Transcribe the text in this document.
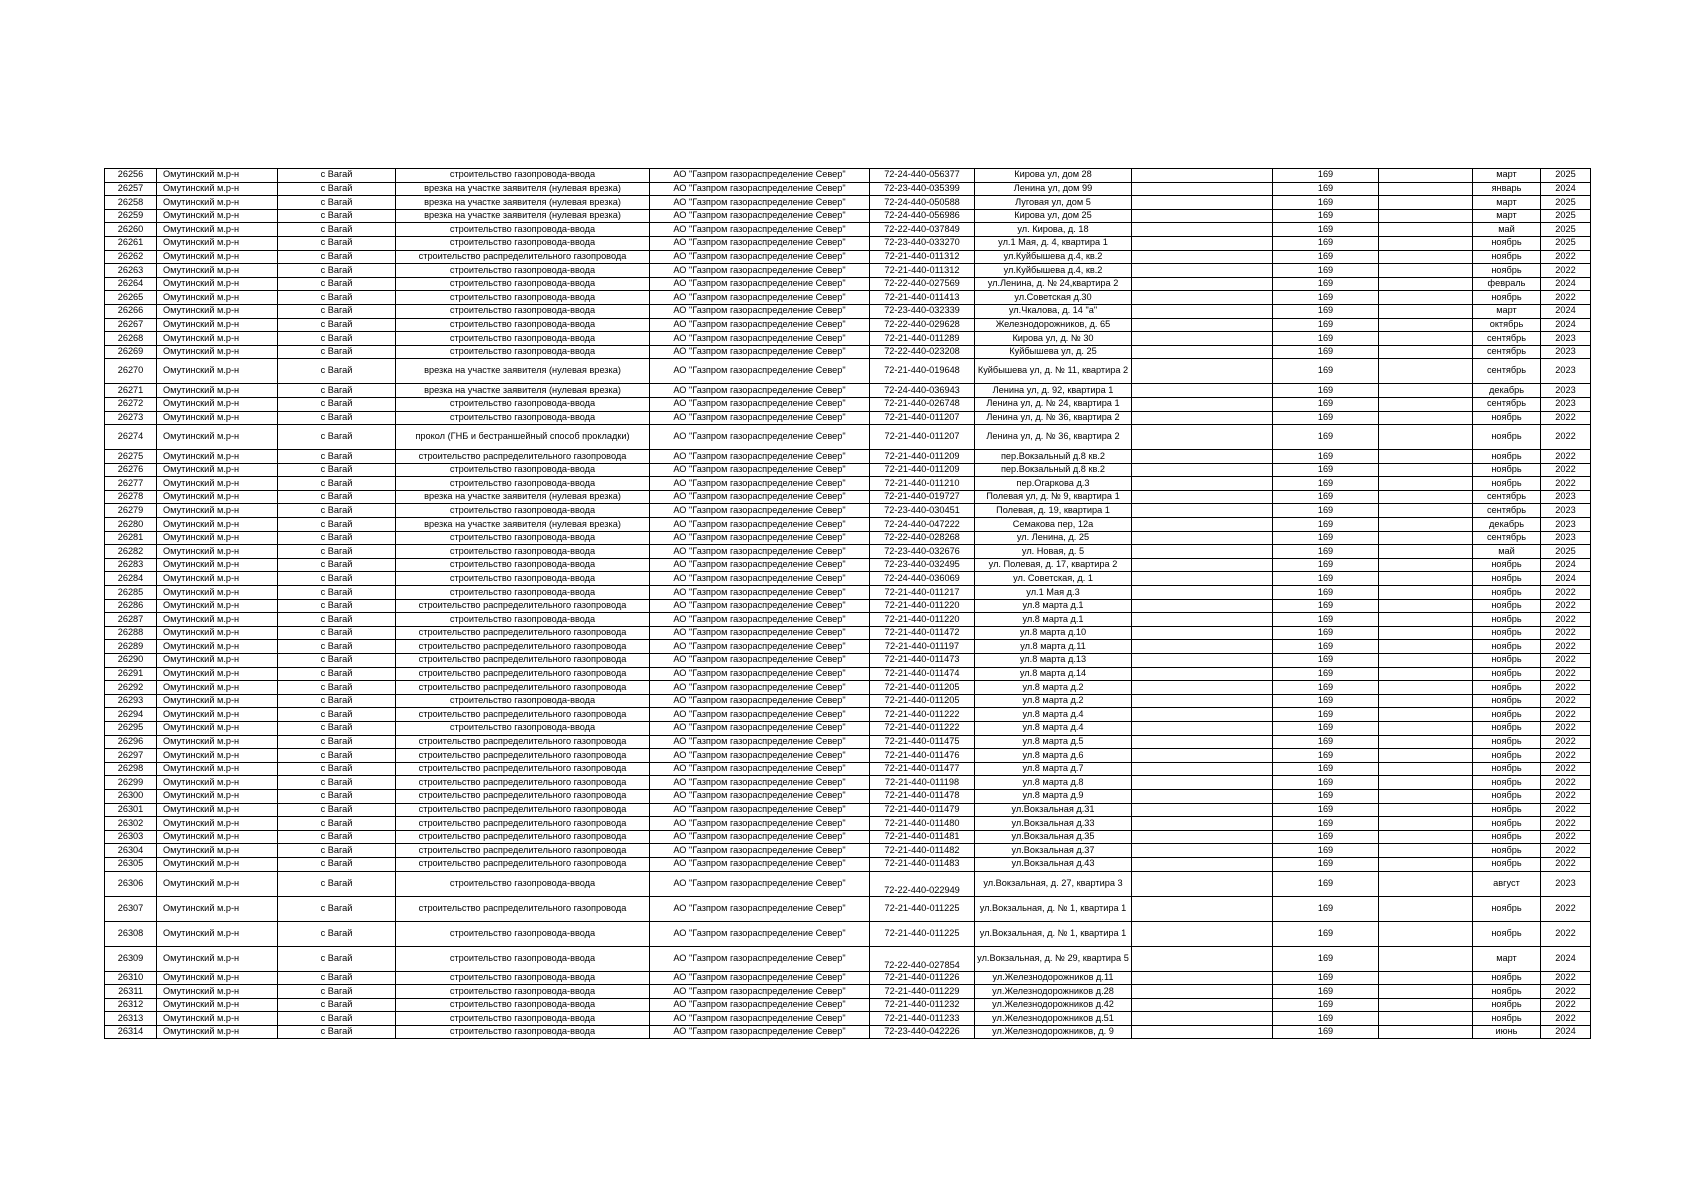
26256	Омутинский м.р-н	с Вагай	строительство газопровода-ввода	АО "Газпром газораспределение Север"	72-24-440-056377	Кирова ул, дом 28		169		март	2025
26257	Омутинский м.р-н	с Вагай	врезка на участке заявителя (нулевая врезка)	АО "Газпром газораспределение Север"	72-23-440-035399	Ленина ул, дом 99		169		январь	2024
26258	Омутинский м.р-н	с Вагай	врезка на участке заявителя (нулевая врезка)	АО "Газпром газораспределение Север"	72-24-440-050588	Луговая ул, дом 5		169		март	2025
26259	Омутинский м.р-н	с Вагай	врезка на участке заявителя (нулевая врезка)	АО "Газпром газораспределение Север"	72-24-440-056986	Кирова ул, дом 25		169		март	2025
26260	Омутинский м.р-н	с Вагай	строительство газопровода-ввода	АО "Газпром газораспределение Север"	72-22-440-037849	ул. Кирова, д. 18		169		май	2025
26261	Омутинский м.р-н	с Вагай	строительство газопровода-ввода	АО "Газпром газораспределение Север"	72-23-440-033270	ул.1 Мая, д. 4, квартира 1		169		ноябрь	2025
26262	Омутинский м.р-н	с Вагай	строительство распределительного газопровода	АО "Газпром газораспределение Север"	72-21-440-011312	ул.Куйбышева д.4, кв.2		169		ноябрь	2022
26263	Омутинский м.р-н	с Вагай	строительство газопровода-ввода	АО "Газпром газораспределение Север"	72-21-440-011312	ул.Куйбышева д.4, кв.2		169		ноябрь	2022
26264	Омутинский м.р-н	с Вагай	строительство газопровода-ввода	АО "Газпром газораспределение Север"	72-22-440-027569	ул.Ленина, д. № 24,квартира 2		169		февраль	2024
26265	Омутинский м.р-н	с Вагай	строительство газопровода-ввода	АО "Газпром газораспределение Север"	72-21-440-011413	ул.Советская д.30		169		ноябрь	2022
26266	Омутинский м.р-н	с Вагай	строительство газопровода-ввода	АО "Газпром газораспределение Север"	72-23-440-032339	ул.Чкалова, д. 14 "а"		169		март	2024
26267	Омутинский м.р-н	с Вагай	строительство газопровода-ввода	АО "Газпром газораспределение Север"	72-22-440-029628	Железнодорожников, д. 65		169		октябрь	2024
26268	Омутинский м.р-н	с Вагай	строительство газопровода-ввода	АО "Газпром газораспределение Север"	72-21-440-011289	Кирова ул, д. № 30		169		сентябрь	2023
26269	Омутинский м.р-н	с Вагай	строительство газопровода-ввода	АО "Газпром газораспределение Север"	72-22-440-023208	Куйбышева ул, д. 25		169		сентябрь	2023
26270	Омутинский м.р-н	с Вагай	врезка на участке заявителя (нулевая врезка)	АО "Газпром газораспределение Север"	72-21-440-019648	Куйбышева ул, д. № 11, квартира 2		169		сентябрь	2023
26271	Омутинский м.р-н	с Вагай	врезка на участке заявителя (нулевая врезка)	АО "Газпром газораспределение Север"	72-24-440-036943	Ленина ул, д. 92, квартира 1		169		декабрь	2023
26272	Омутинский м.р-н	с Вагай	строительство газопровода-ввода	АО "Газпром газораспределение Север"	72-21-440-026748	Ленина ул, д. № 24, квартира 1		169		сентябрь	2023
26273	Омутинский м.р-н	с Вагай	строительство газопровода-ввода	АО "Газпром газораспределение Север"	72-21-440-011207	Ленина ул, д. № 36, квартира 2		169		ноябрь	2022
26274	Омутинский м.р-н	с Вагай	прокол (ГНБ и бестраншейный способ прокладки)	АО "Газпром газораспределение Север"	72-21-440-011207	Ленина ул, д. № 36, квартира 2		169		ноябрь	2022
26275	Омутинский м.р-н	с Вагай	строительство распределительного газопровода	АО "Газпром газораспределение Север"	72-21-440-011209	пер.Вокзальный д.8 кв.2		169		ноябрь	2022
26276	Омутинский м.р-н	с Вагай	строительство газопровода-ввода	АО "Газпром газораспределение Север"	72-21-440-011209	пер.Вокзальный д.8 кв.2		169		ноябрь	2022
26277	Омутинский м.р-н	с Вагай	строительство газопровода-ввода	АО "Газпром газораспределение Север"	72-21-440-011210	пер.Огаркова д.3		169		ноябрь	2022
26278	Омутинский м.р-н	с Вагай	врезка на участке заявителя (нулевая врезка)	АО "Газпром газораспределение Север"	72-21-440-019727	Полевая ул, д. № 9, квартира 1		169		сентябрь	2023
26279	Омутинский м.р-н	с Вагай	строительство газопровода-ввода	АО "Газпром газораспределение Север"	72-23-440-030451	Полевая, д. 19, квартира 1		169		сентябрь	2023
26280	Омутинский м.р-н	с Вагай	врезка на участке заявителя (нулевая врезка)	АО "Газпром газораспределение Север"	72-24-440-047222	Семакова пер, 12а		169		декабрь	2023
26281	Омутинский м.р-н	с Вагай	строительство газопровода-ввода	АО "Газпром газораспределение Север"	72-22-440-028268	ул. Ленина, д. 25		169		сентябрь	2023
26282	Омутинский м.р-н	с Вагай	строительство газопровода-ввода	АО "Газпром газораспределение Север"	72-23-440-032676	ул. Новая, д. 5		169		май	2025
26283	Омутинский м.р-н	с Вагай	строительство газопровода-ввода	АО "Газпром газораспределение Север"	72-23-440-032495	ул. Полевая, д. 17, квартира 2		169		ноябрь	2024
26284	Омутинский м.р-н	с Вагай	строительство газопровода-ввода	АО "Газпром газораспределение Север"	72-24-440-036069	ул. Советская, д. 1		169		ноябрь	2024
26285	Омутинский м.р-н	с Вагай	строительство газопровода-ввода	АО "Газпром газораспределение Север"	72-21-440-011217	ул.1 Мая д.3		169		ноябрь	2022
26286	Омутинский м.р-н	с Вагай	строительство распределительного газопровода	АО "Газпром газораспределение Север"	72-21-440-011220	ул.8 марта д.1		169		ноябрь	2022
26287	Омутинский м.р-н	с Вагай	строительство газопровода-ввода	АО "Газпром газораспределение Север"	72-21-440-011220	ул.8 марта д.1		169		ноябрь	2022
26288	Омутинский м.р-н	с Вагай	строительство распределительного газопровода	АО "Газпром газораспределение Север"	72-21-440-011472	ул.8 марта д.10		169		ноябрь	2022
26289	Омутинский м.р-н	с Вагай	строительство распределительного газопровода	АО "Газпром газораспределение Север"	72-21-440-011197	ул.8 марта д.11		169		ноябрь	2022
26290	Омутинский м.р-н	с Вагай	строительство распределительного газопровода	АО "Газпром газораспределение Север"	72-21-440-011473	ул.8 марта д.13		169		ноябрь	2022
26291	Омутинский м.р-н	с Вагай	строительство распределительного газопровода	АО "Газпром газораспределение Север"	72-21-440-011474	ул.8 марта д.14		169		ноябрь	2022
26292	Омутинский м.р-н	с Вагай	строительство распределительного газопровода	АО "Газпром газораспределение Север"	72-21-440-011205	ул.8 марта д.2		169		ноябрь	2022
26293	Омутинский м.р-н	с Вагай	строительство газопровода-ввода	АО "Газпром газораспределение Север"	72-21-440-011205	ул.8 марта д.2		169		ноябрь	2022
26294	Омутинский м.р-н	с Вагай	строительство распределительного газопровода	АО "Газпром газораспределение Север"	72-21-440-011222	ул.8 марта д.4		169		ноябрь	2022
26295	Омутинский м.р-н	с Вагай	строительство газопровода-ввода	АО "Газпром газораспределение Север"	72-21-440-011222	ул.8 марта д.4		169		ноябрь	2022
26296	Омутинский м.р-н	с Вагай	строительство распределительного газопровода	АО "Газпром газораспределение Север"	72-21-440-011475	ул.8 марта д.5		169		ноябрь	2022
26297	Омутинский м.р-н	с Вагай	строительство распределительного газопровода	АО "Газпром газораспределение Север"	72-21-440-011476	ул.8 марта д.6		169		ноябрь	2022
26298	Омутинский м.р-н	с Вагай	строительство распределительного газопровода	АО "Газпром газораспределение Север"	72-21-440-011477	ул.8 марта д.7		169		ноябрь	2022
26299	Омутинский м.р-н	с Вагай	строительство распределительного газопровода	АО "Газпром газораспределение Север"	72-21-440-011198	ул.8 марта д.8		169		ноябрь	2022
26300	Омутинский м.р-н	с Вагай	строительство распределительного газопровода	АО "Газпром газораспределение Север"	72-21-440-011478	ул.8 марта д.9		169		ноябрь	2022
26301	Омутинский м.р-н	с Вагай	строительство распределительного газопровода	АО "Газпром газораспределение Север"	72-21-440-011479	ул.Вокзальная д.31		169		ноябрь	2022
26302	Омутинский м.р-н	с Вагай	строительство распределительного газопровода	АО "Газпром газораспределение Север"	72-21-440-011480	ул.Вокзальная д.33		169		ноябрь	2022
26303	Омутинский м.р-н	с Вагай	строительство распределительного газопровода	АО "Газпром газораспределение Север"	72-21-440-011481	ул.Вокзальная д.35		169		ноябрь	2022
26304	Омутинский м.р-н	с Вагай	строительство распределительного газопровода	АО "Газпром газораспределение Север"	72-21-440-011482	ул.Вокзальная д.37		169		ноябрь	2022
26305	Омутинский м.р-н	с Вагай	строительство распределительного газопровода	АО "Газпром газораспределение Север"	72-21-440-011483	ул.Вокзальная д.43		169		ноябрь	2022
26306	Омутинский м.р-н	с Вагай	строительство газопровода-ввода	АО "Газпром газораспределение Север"	72-22-440-022949	ул.Вокзальная, д. 27, квартира 3		169		август	2023
26307	Омутинский м.р-н	с Вагай	строительство распределительного газопровода	АО "Газпром газораспределение Север"	72-21-440-011225	ул.Вокзальная, д. № 1, квартира 1		169		ноябрь	2022
26308	Омутинский м.р-н	с Вагай	строительство газопровода-ввода	АО "Газпром газораспределение Север"	72-21-440-011225	ул.Вокзальная, д. № 1, квартира 1		169		ноябрь	2022
26309	Омутинский м.р-н	с Вагай	строительство газопровода-ввода	АО "Газпром газораспределение Север"	72-22-440-027854	ул.Вокзальная, д. № 29, квартира 5		169		март	2024
26310	Омутинский м.р-н	с Вагай	строительство газопровода-ввода	АО "Газпром газораспределение Север"	72-21-440-011226	ул.Железнодорожников д.11		169		ноябрь	2022
26311	Омутинский м.р-н	с Вагай	строительство газопровода-ввода	АО "Газпром газораспределение Север"	72-21-440-011229	ул.Железнодорожников д.28		169		ноябрь	2022
26312	Омутинский м.р-н	с Вагай	строительство газопровода-ввода	АО "Газпром газораспределение Север"	72-21-440-011232	ул.Железнодорожников д.42		169		ноябрь	2022
26313	Омутинский м.р-н	с Вагай	строительство газопровода-ввода	АО "Газпром газораспределение Север"	72-21-440-011233	ул.Железнодорожников д.51		169		ноябрь	2022
26314	Омутинский м.р-н	с Вагай	строительство газопровода-ввода	АО "Газпром газораспределение Север"	72-23-440-042226	ул.Железнодорожников, д. 9		169		июнь	2024
